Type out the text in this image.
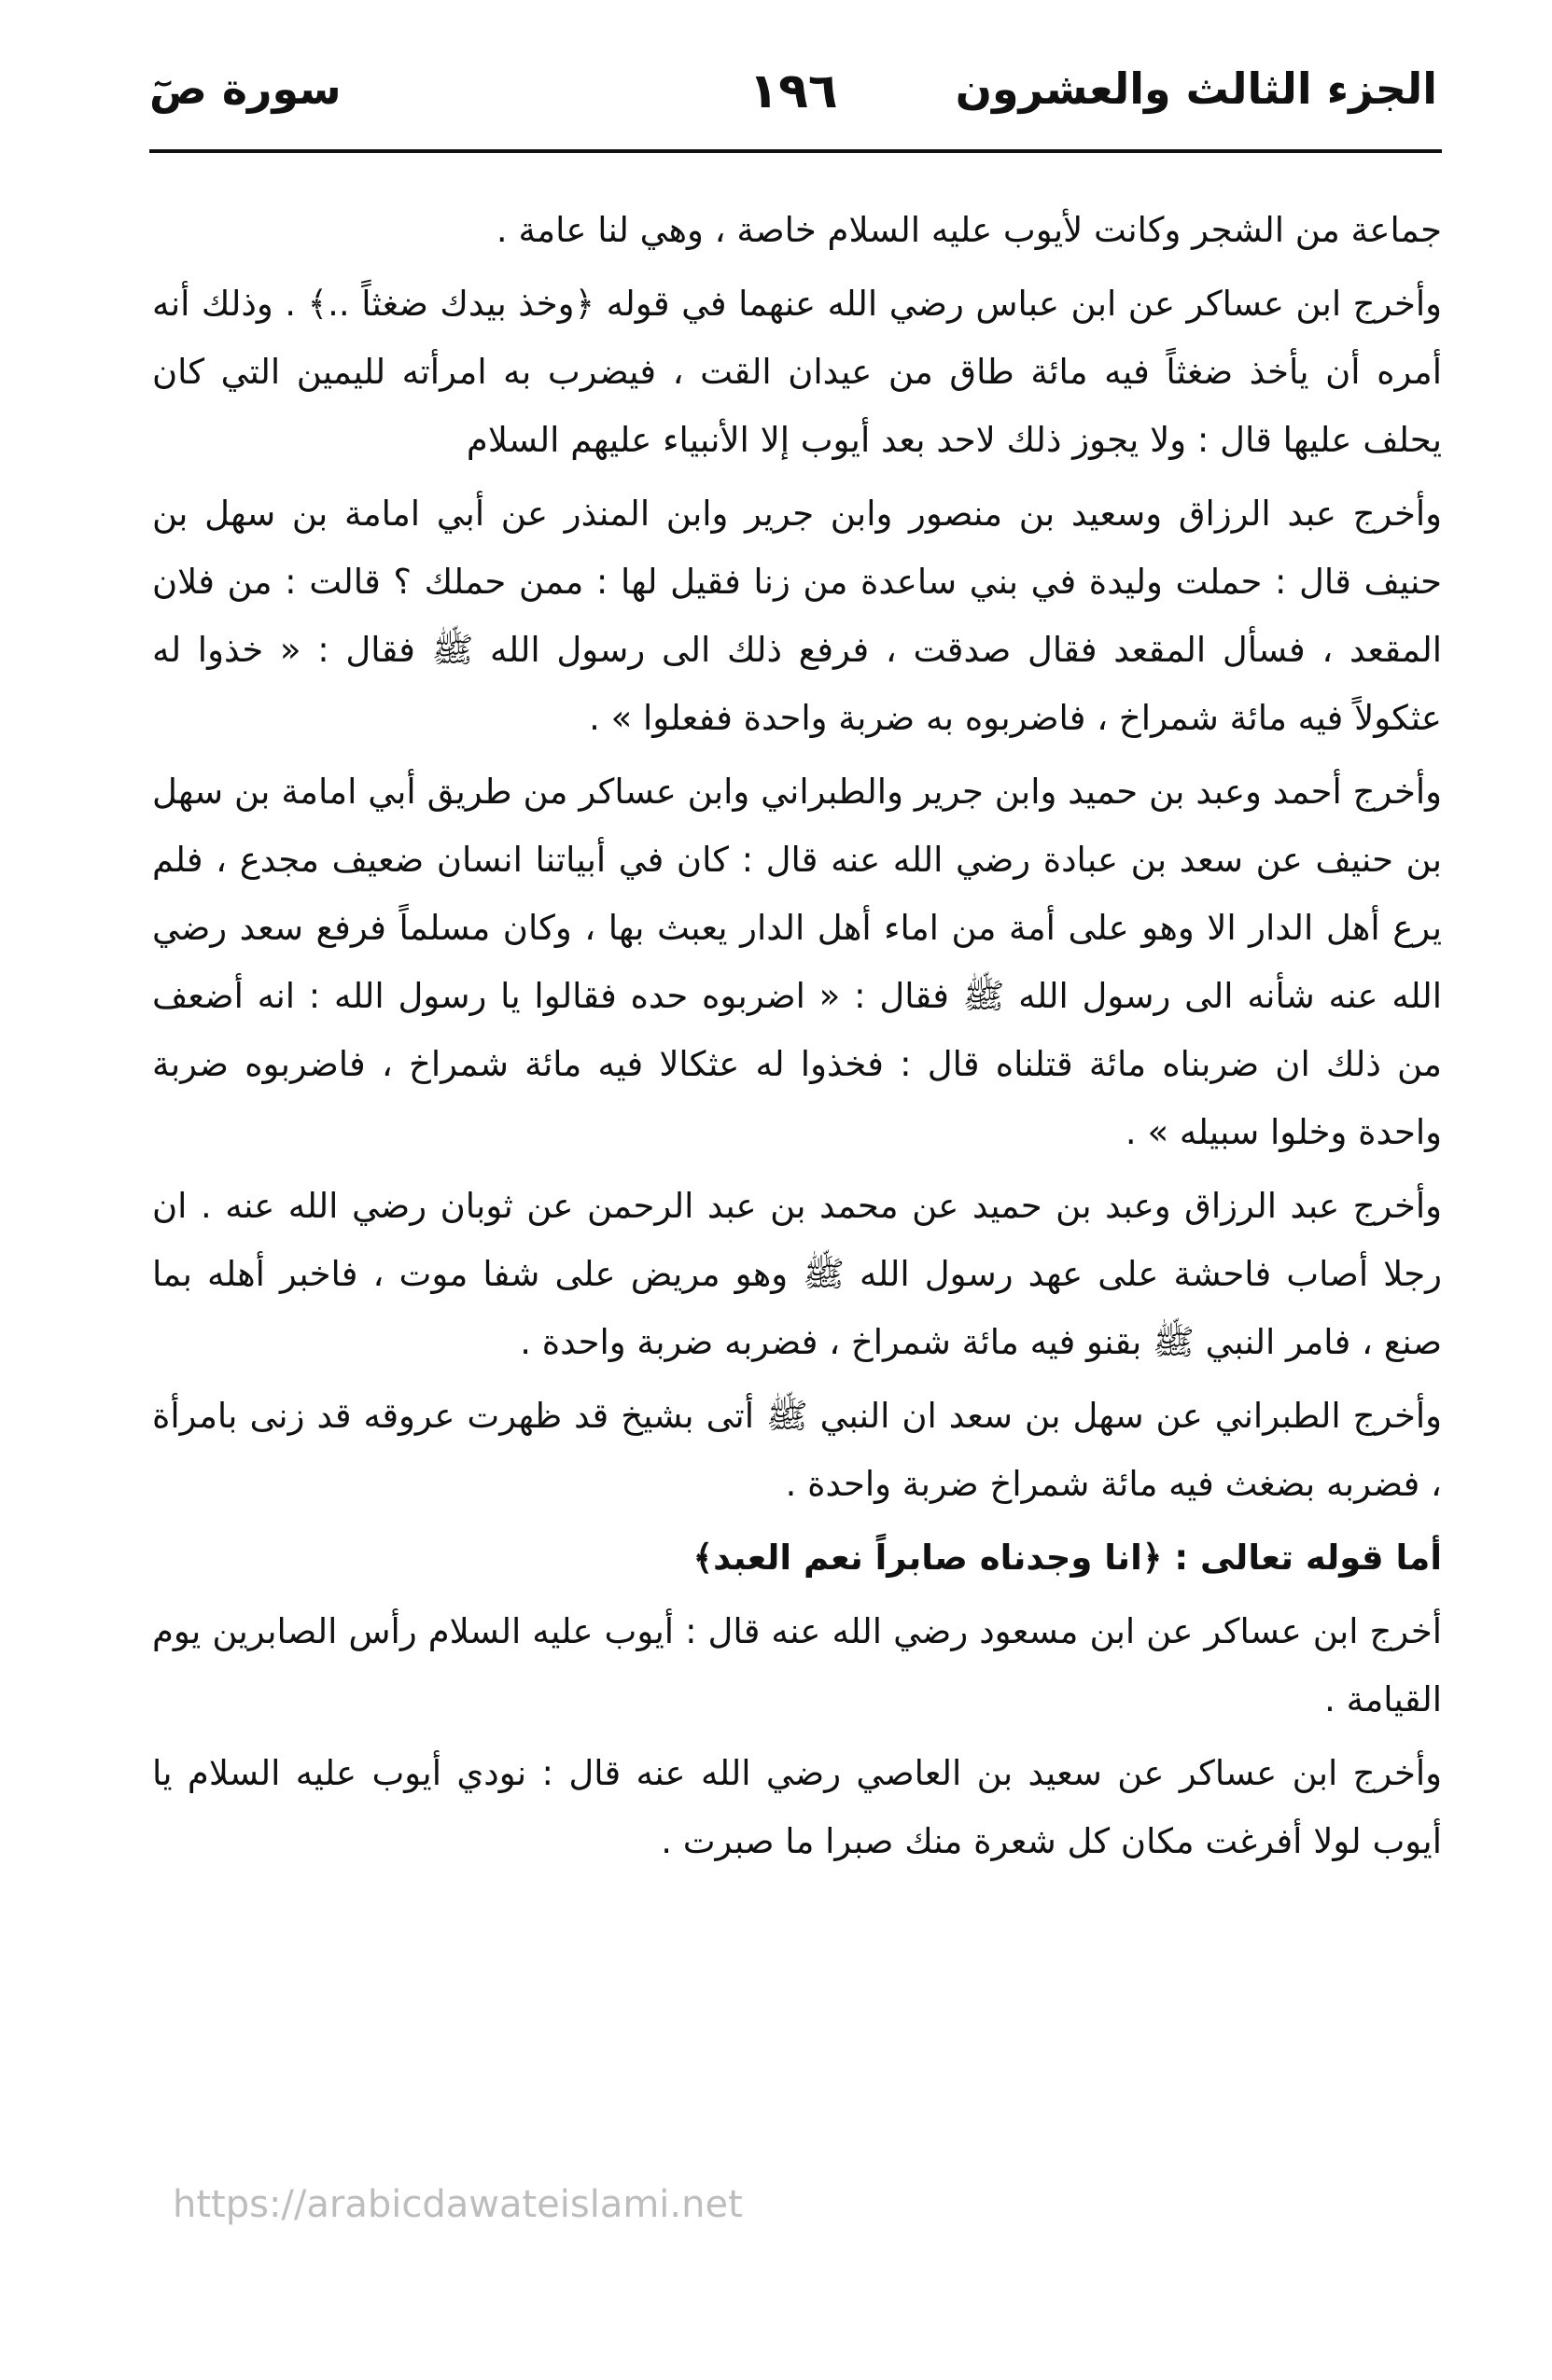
الجزء الثالث والعشرون
١٩٦
سورة صٓ

جماعة من الشجر وكانت لأيوب عليه السلام خاصة ، وهي لنا عامة .

وأخرج ابن عساكر عن ابن عباس رضي الله عنهما في قوله ﴿وخذ بيدك ضغثاً ..﴾ . وذلك أنه أمره أن يأخذ ضغثاً فيه مائة طاق من عيدان القت ، فيضرب به امرأته لليمين التي كان يحلف عليها قال : ولا يجوز ذلك لاحد بعد أيوب إلا الأنبياء عليهم السلام

وأخرج عبد الرزاق وسعيد بن منصور وابن جرير وابن المنذر عن أبي امامة بن سهل بن حنيف قال : حملت وليدة في بني ساعدة من زنا فقيل لها : ممن حملك ؟ قالت : من فلان المقعد ، فسأل المقعد فقال صدقت ، فرفع ذلك الى رسول الله ﷺ فقال : « خذوا له عثكولاً فيه مائة شمراخ ، فاضربوه به ضربة واحدة ففعلوا » .

وأخرج أحمد وعبد بن حميد وابن جرير والطبراني وابن عساكر من طريق أبي امامة بن سهل بن حنيف عن سعد بن عبادة رضي الله عنه قال : كان في أبياتنا انسان ضعيف مجدع ، فلم يرع أهل الدار الا وهو على أمة من اماء أهل الدار يعبث بها ، وكان مسلماً فرفع سعد رضي الله عنه شأنه الى رسول الله ﷺ فقال : « اضربوه حده فقالوا يا رسول الله : انه أضعف من ذلك ان ضربناه مائة قتلناه قال : فخذوا له عثكالا فيه مائة شمراخ ، فاضربوه ضربة واحدة وخلوا سبيله » .

وأخرج عبد الرزاق وعبد بن حميد عن محمد بن عبد الرحمن عن ثوبان رضي الله عنه . ان رجلا أصاب فاحشة على عهد رسول الله ﷺ وهو مريض على شفا موت ، فاخبر أهله بما صنع ، فامر النبي ﷺ بقنو فيه مائة شمراخ ، فضربه ضربة واحدة .

وأخرج الطبراني عن سهل بن سعد ان النبي ﷺ أتى بشيخ قد ظهرت عروقه قد زنى بامرأة ، فضربه بضغث فيه مائة شمراخ ضربة واحدة .

أما قوله تعالى : ﴿انا وجدناه صابراً نعم العبد﴾

أخرج ابن عساكر عن ابن مسعود رضي الله عنه قال : أيوب عليه السلام رأس الصابرين يوم القيامة .

وأخرج ابن عساكر عن سعيد بن العاصي رضي الله عنه قال : نودي أيوب عليه السلام يا أيوب لولا أفرغت مكان كل شعرة منك صبرا ما صبرت .

https://arabicdawateislami.net
